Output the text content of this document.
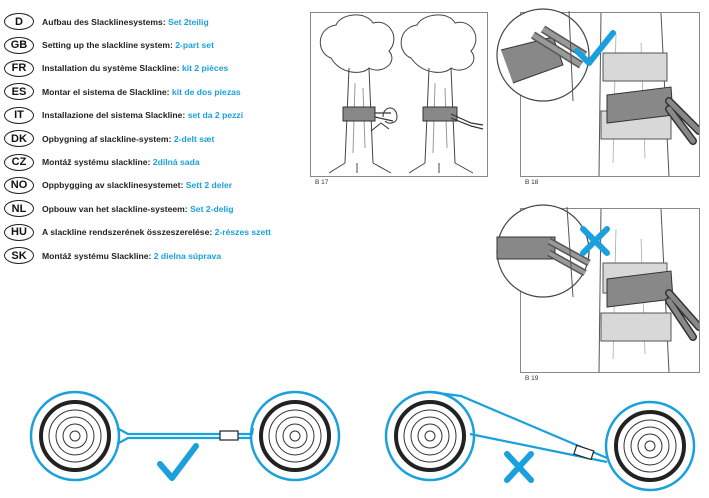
D	Aufbau des Slacklinesystems: Set 2teilig
GB	Setting up the slackline system: 2-part set
FR	Installation du système Slackline: kit 2 pièces
ES	Montar el sistema de Slackline: kit de dos piezas
IT	Installazione del sistema Slackline: set da 2 pezzi
DK	Opbygning af slackline-system: 2-delt sæt
CZ	Montáž systému slackline: 2dílná sada
NO	Oppbygging av slacklinesystemet: Sett 2 deler
NL	Opbouw van het slackline-systeem: Set 2-delig
HU	A slackline rendszerének összeszerelése: 2-részes szett
SK	Montáž systému Slackline: 2 dielna súprava
B 17	B 18
B 19
